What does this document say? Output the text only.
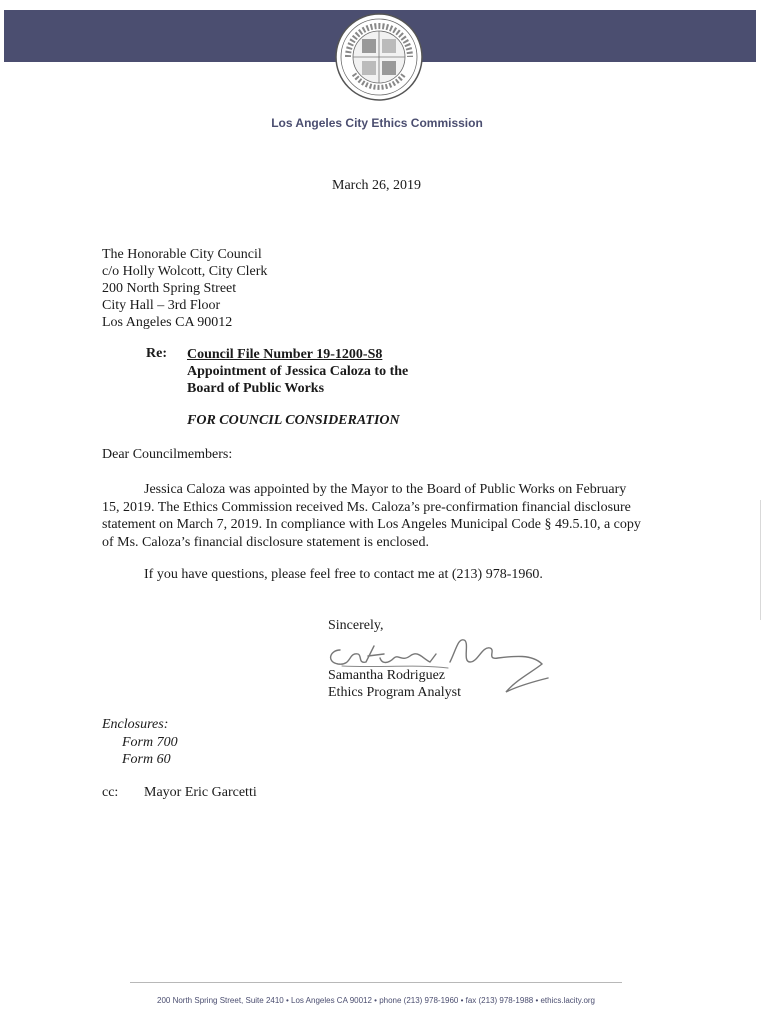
Los Angeles City Ethics Commission
March 26, 2019
The Honorable City Council
c/o Holly Wolcott, City Clerk
200 North Spring Street
City Hall – 3rd Floor
Los Angeles CA 90012
Re: Council File Number 19-1200-S8
Appointment of Jessica Caloza to the
Board of Public Works
FOR COUNCIL CONSIDERATION
Dear Councilmembers:
Jessica Caloza was appointed by the Mayor to the Board of Public Works on February
15, 2019. The Ethics Commission received Ms. Caloza’s pre-confirmation financial disclosure
statement on March 7, 2019. In compliance with Los Angeles Municipal Code § 49.5.10, a copy
of Ms. Caloza’s financial disclosure statement is enclosed.
If you have questions, please feel free to contact me at (213) 978-1960.
Sincerely,
Samantha Rodriguez
Ethics Program Analyst
Enclosures:
Form 700
Form 60
cc: Mayor Eric Garcetti
200 North Spring Street, Suite 2410 • Los Angeles CA 90012 • phone (213) 978-1960 • fax (213) 978-1988 • ethics.lacity.org
